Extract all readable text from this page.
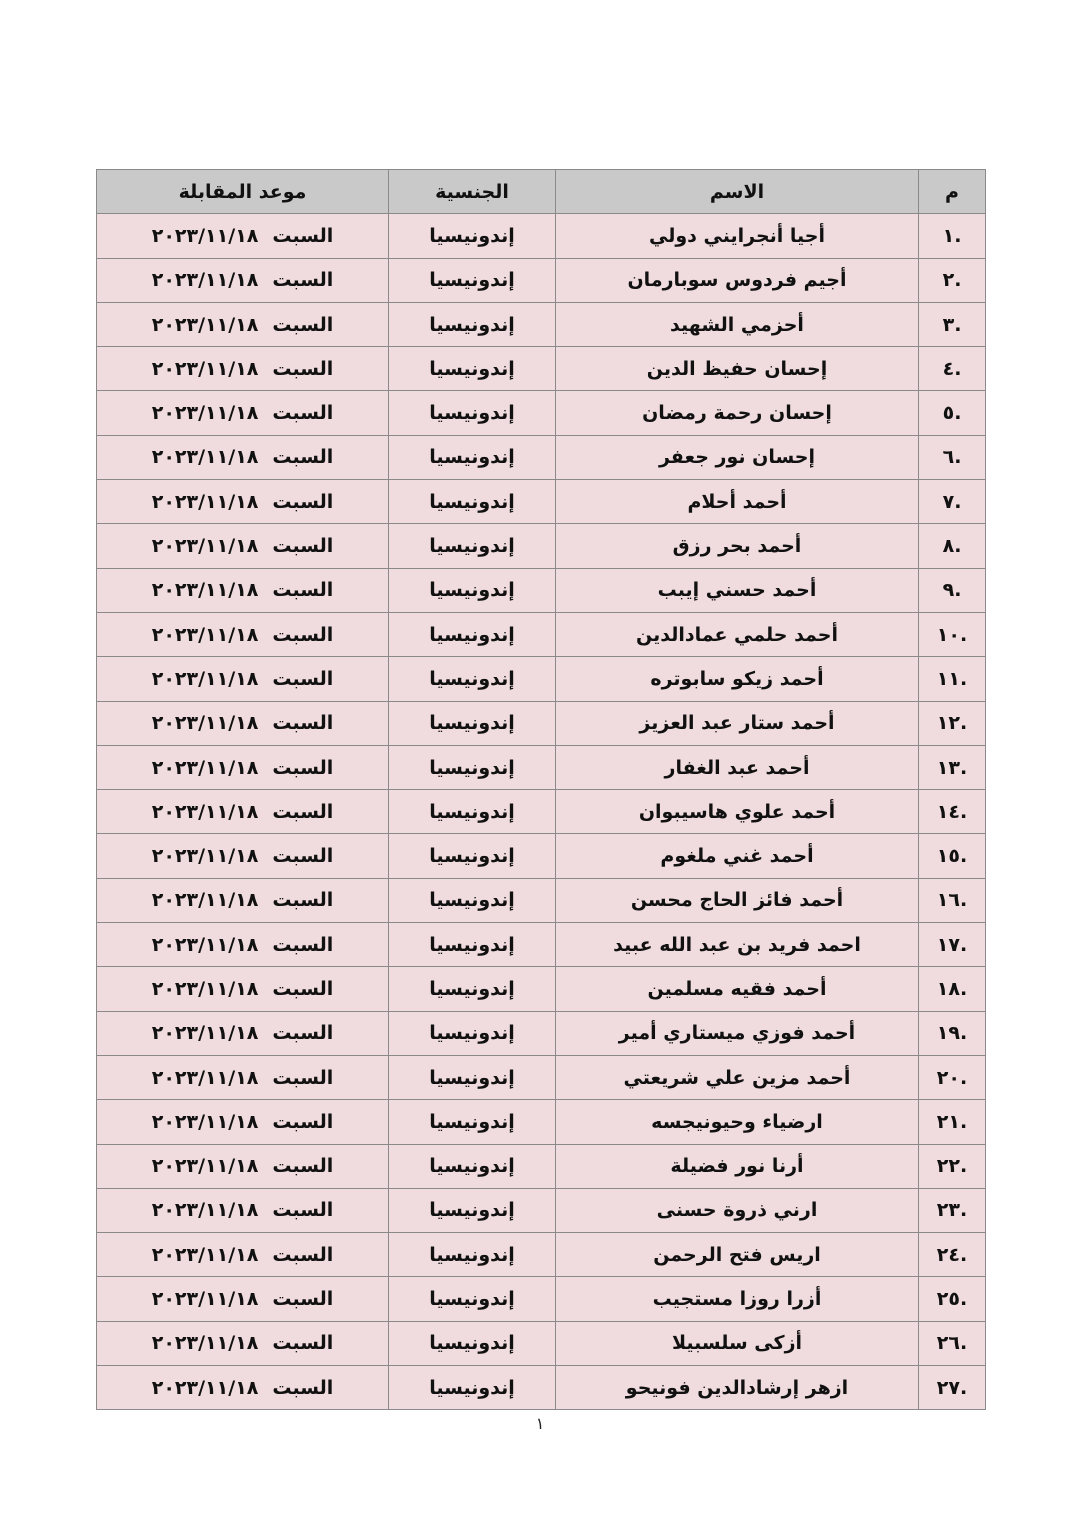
م	الاسم	الجنسية	موعد المقابلة
.١	أجيا أنجرايني دولي	إندونيسيا	السبت٢٠٢٣/١١/١٨
.٢	أجيم فردوس سوبارمان	إندونيسيا	السبت٢٠٢٣/١١/١٨
.٣	أحزمي الشهيد	إندونيسيا	السبت٢٠٢٣/١١/١٨
.٤	إحسان حفيظ الدين	إندونيسيا	السبت٢٠٢٣/١١/١٨
.٥	إحسان رحمة رمضان	إندونيسيا	السبت٢٠٢٣/١١/١٨
.٦	إحسان نور جعفر	إندونيسيا	السبت٢٠٢٣/١١/١٨
.٧	أحمد أحلام	إندونيسيا	السبت٢٠٢٣/١١/١٨
.٨	أحمد بحر رزق	إندونيسيا	السبت٢٠٢٣/١١/١٨
.٩	أحمد حسني إيبب	إندونيسيا	السبت٢٠٢٣/١١/١٨
.١٠	أحمد حلمي عمادالدين	إندونيسيا	السبت٢٠٢٣/١١/١٨
.١١	أحمد زيكو سابوتره	إندونيسيا	السبت٢٠٢٣/١١/١٨
.١٢	أحمد ستار عبد العزيز	إندونيسيا	السبت٢٠٢٣/١١/١٨
.١٣	أحمد عبد الغفار	إندونيسيا	السبت٢٠٢٣/١١/١٨
.١٤	أحمد علوي هاسيبوان	إندونيسيا	السبت٢٠٢٣/١١/١٨
.١٥	أحمد غني ملغوم	إندونيسيا	السبت٢٠٢٣/١١/١٨
.١٦	أحمد فائز الحاج محسن	إندونيسيا	السبت٢٠٢٣/١١/١٨
.١٧	احمد فريد بن عبد الله عبيد	إندونيسيا	السبت٢٠٢٣/١١/١٨
.١٨	أحمد فقيه مسلمين	إندونيسيا	السبت٢٠٢٣/١١/١٨
.١٩	أحمد فوزي ميستاري أمير	إندونيسيا	السبت٢٠٢٣/١١/١٨
.٢٠	أحمد مزين علي شريعتي	إندونيسيا	السبت٢٠٢٣/١١/١٨
.٢١	ارضياء وحيونيجسه	إندونيسيا	السبت٢٠٢٣/١١/١٨
.٢٢	أرنا نور فضيلة	إندونيسيا	السبت٢٠٢٣/١١/١٨
.٢٣	ارني ذروة حسنى	إندونيسيا	السبت٢٠٢٣/١١/١٨
.٢٤	اريس فتح الرحمن	إندونيسيا	السبت٢٠٢٣/١١/١٨
.٢٥	أزرا روزا مستجيب	إندونيسيا	السبت٢٠٢٣/١١/١٨
.٢٦	أزكى سلسبيلا	إندونيسيا	السبت٢٠٢٣/١١/١٨
.٢٧	ازهر إرشادالدين فونيحو	إندونيسيا	السبت٢٠٢٣/١١/١٨
١
